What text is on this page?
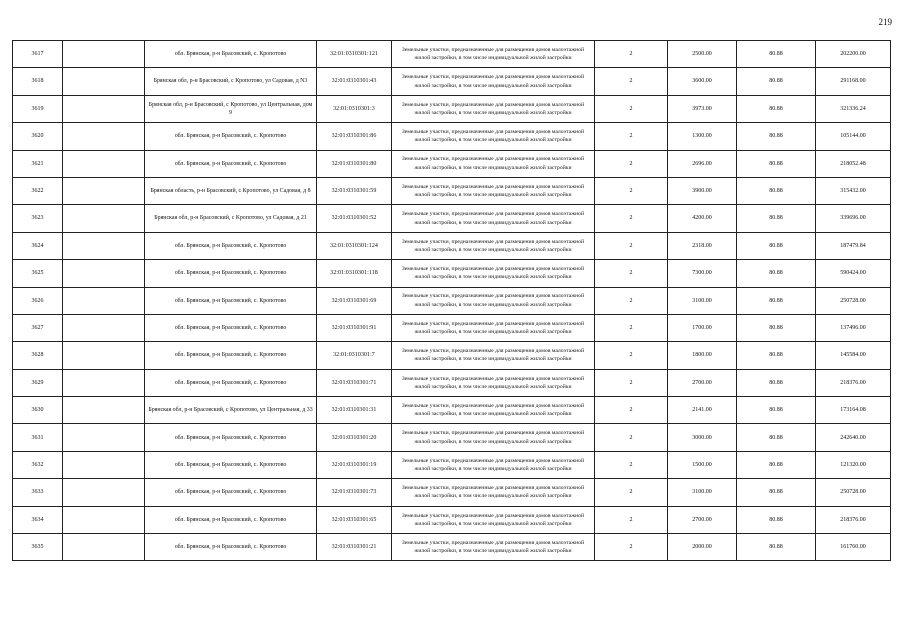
219
3617		обл. Брянская, р-н Брасовский, с. Кропотово	32:01:0310301:121	Земельные участки, предназначенные для размещения домов малоэтажной жилой застройки, в том числе индивидуальной жилой застройки	2	2500.00	80.88	202200.00
3618		Брянская обл, р-н Брасовский, с Кропотово, ул Садовая, д N3	32:01:0310301:43	Земельные участки, предназначенные для размещения домов малоэтажной жилой застройки, в том числе индивидуальной жилой застройки	2	3600.00	80.88	291168.00
3619		Брянская обл, р-н Брасовский, с Кропотово, ул Центральная, дом 9	32:01:0310301:3	Земельные участки, предназначенные для размещения домов малоэтажной жилой застройки, в том числе индивидуальной жилой застройки	2	3973.00	80.88	321336.24
3620		обл. Брянская, р-н Брасовский, с. Кропотово	32:01:0310301:86	Земельные участки, предназначенные для размещения домов малоэтажной жилой застройки, в том числе индивидуальной жилой застройки	2	1300.00	80.88	105144.00
3621		обл. Брянская, р-н Брасовский, с. Кропотово	32:01:0310301:80	Земельные участки, предназначенные для размещения домов малоэтажной жилой застройки, в том числе индивидуальной жилой застройки	2	2696.00	80.88	218052.48
3622		Брянская область, р-н Брасовский, с Кропотово, ул Садовая, д 8	32:01:0310301:59	Земельные участки, предназначенные для размещения домов малоэтажной жилой застройки, в том числе индивидуальной жилой застройки	2	3900.00	80.88	315432.00
3623		Брянская обл, р-н Брасовский, с Кропотово, ул Садовая, д 21	32:01:0310301:52	Земельные участки, предназначенные для размещения домов малоэтажной жилой застройки, в том числе индивидуальной жилой застройки	2	4200.00	80.88	339696.00
3624		обл. Брянская, р-н Брасовский, с. Кропотово	32:01:0310301:124	Земельные участки, предназначенные для размещения домов малоэтажной жилой застройки, в том числе индивидуальной жилой застройки	2	2318.00	80.88	187479.84
3625		обл. Брянская, р-н Брасовский, с. Кропотово	32:01:0310301:118	Земельные участки, предназначенные для размещения домов малоэтажной жилой застройки, в том числе индивидуальной жилой застройки	2	7300.00	80.88	590424.00
3626		обл. Брянская, р-н Брасовский, с. Кропотово	32:01:0310301:69	Земельные участки, предназначенные для размещения домов малоэтажной жилой застройки, в том числе индивидуальной жилой застройки	2	3100.00	80.88	250728.00
3627		обл. Брянская, р-н Брасовский, с. Кропотово	32:01:0310301:91	Земельные участки, предназначенные для размещения домов малоэтажной жилой застройки, в том числе индивидуальной жилой застройки	2	1700.00	80.88	137496.00
3628		обл. Брянская, р-н Брасовский, с. Кропотово	32:01:0310301:7	Земельные участки, предназначенные для размещения домов малоэтажной жилой застройки, в том числе индивидуальной жилой застройки	2	1800.00	80.88	145584.00
3629		обл. Брянская, р-н Брасовский, с. Кропотово	32:01:0310301:71	Земельные участки, предназначенные для размещения домов малоэтажной жилой застройки, в том числе индивидуальной жилой застройки	2	2700.00	80.88	218376.00
3630		Брянская обл, р-н Брасовский, с Кропотово, ул Центральная, д 33	32:01:0310301:31	Земельные участки, предназначенные для размещения домов малоэтажной жилой застройки, в том числе индивидуальной жилой застройки	2	2141.00	80.88	173164.08
3631		обл. Брянская, р-н Брасовский, с. Кропотово	32:01:0310301:20	Земельные участки, предназначенные для размещения домов малоэтажной жилой застройки, в том числе индивидуальной жилой застройки	2	3000.00	80.88	242640.00
3632		обл. Брянская, р-н Брасовский, с. Кропотово	32:01:0310301:19	Земельные участки, предназначенные для размещения домов малоэтажной жилой застройки, в том числе индивидуальной жилой застройки	2	1500.00	80.88	121320.00
3633		обл. Брянская, р-н Брасовский, с. Кропотово	32:01:0310301:73	Земельные участки, предназначенные для размещения домов малоэтажной жилой застройки, в том числе индивидуальной жилой застройки	2	3100.00	80.88	250728.00
3634		обл. Брянская, р-н Брасовский, с. Кропотово	32:01:0310301:65	Земельные участки, предназначенные для размещения домов малоэтажной жилой застройки, в том числе индивидуальной жилой застройки	2	2700.00	80.88	218376.00
3635		обл. Брянская, р-н Брасовский, с. Кропотово	32:01:0310301:21	Земельные участки, предназначенные для размещения домов малоэтажной жилой застройки, в том числе индивидуальной жилой застройки	2	2000.00	80.88	161760.00
